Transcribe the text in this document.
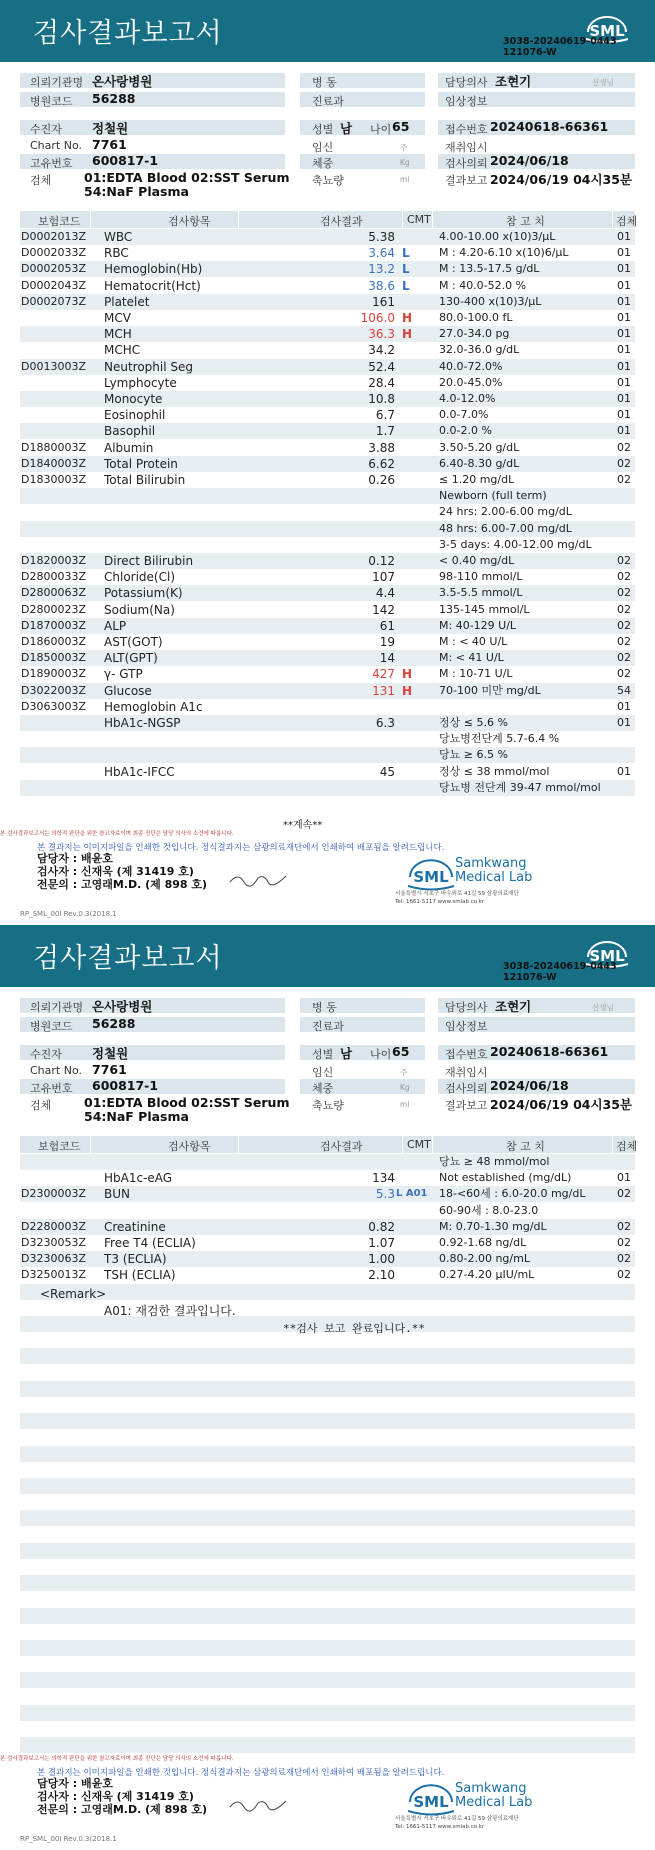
검사결과보고서	SML
3038-20240619-0443
121076-W
의뢰기관명 온사랑병원	병 동	담당의사 조현기	선생님
병원코드 56288	진료과	임상정보
수진자 정철원
Chart No. 7761
고유번호 600817-1
검체	01:EDTA Blood 02:SST Serum
54:NaF Plasma
성별 남 나이 65
임신	주
체중	Kg
축뇨량	ml
접수번호 20240618-66361
재취임시
검사의뢰 2024/06/18
결과보고 2024/06/19 04시35분
보험코드	검사항목	검사결과	CMT	참 고 치	검체
D0002013Z WBC	5.38	4.00-10.00 x(10)3/μL	01
D0002033Z RBC	3.64 L	M : 4.20-6.10 x(10)6/μL	01
D0002053Z Hemoglobin(Hb)	13.2 L	M : 13.5-17.5 g/dL	01
D0002043Z Hematocrit(Hct)	38.6 L	M : 40.0-52.0 %	01
D0002073Z Platelet	161	130-400 x(10)3/μL	01
MCV	106.0 H 80.0-100.0 fL	01
MCH	36.3 H 27.0-34.0 pg	01
MCHC	34.2	32.0-36.0 g/dL	01
D0013003Z Neutrophil Seg	52.4	40.0-72.0%	01
Lymphocyte	28.4	20.0-45.0%	01
Monocyte	10.8	4.0-12.0%	01
Eosinophil	6.7	0.0-7.0%	01
Basophil	1.7	0.0-2.0 %	01
D1880003Z Albumin	3.88	3.50-5.20 g/dL	02
D1840003Z Total Protein	6.62	6.40-8.30 g/dL	02
D1830003Z Total Bilirubin	0.26	≤ 1.20 mg/dL	02
Newborn (full term)
24 hrs: 2.00-6.00 mg/dL
48 hrs: 6.00-7.00 mg/dL
3-5 days: 4.00-12.00 mg/dL
D1820003Z Direct Bilirubin	0.12	< 0.40 mg/dL	02
D2800033Z Chloride(Cl)	107	98-110 mmol/L	02
D2800063Z Potassium(K)	4.4	3.5-5.5 mmol/L	02
D2800023Z Sodium(Na)	142	135-145 mmol/L	02
D1870003Z ALP	61	M: 40-129 U/L	02
D1860003Z AST(GOT)	19	M : < 40 U/L	02
D1850003Z ALT(GPT)	14	M: < 41 U/L	02
D1890003Z γ- GTP	427 H M : 10-71 U/L	02
D3022003Z Glucose	131 H 70-100 미만 mg/dL	54
D3063003Z Hemoglobin A1c	01
HbA1c-NGSP	6.3	정상 ≤ 5.6 %	01
당뇨병전단계 5.7-6.4 %
당뇨 ≥ 6.5 %
HbA1c-IFCC	45	정상 ≤ 38 mmol/mol	01
당뇨병 전단계 39-47 mmol/mol
**계속**
본 검사결과보고서는 의학적 판단을 위한 참고자료이며 최종 진단은 담당 의사의 소견에 따릅니다.
본 결과지는 이미지파일을 인쇄한 것입니다. 정식결과지는 삼광의료재단에서 인쇄하여 배포됨을 알려드립니다.
담당자 : 배윤호
검사자 : 신재욱 (제 31419 호)
전문의 : 고영래M.D. (제 898 호)	SML
Samkwang
Medical Lab
서울특별시 서초구 바우뫼로 41길 59 삼광의료재단
Tel: 1661-5117 www.smlab.co.kr
RP_SML_00I Rev.0.3(2018.1
검사결과보고서	SML
3038-20240619-0443
121076-W
의뢰기관명 온사랑병원	병 동	담당의사 조현기	선생님
병원코드 56288	진료과	임상정보
수진자 정철원
Chart No. 7761
고유번호 600817-1
검체	01:EDTA Blood 02:SST Serum
54:NaF Plasma
성별 남 나이 65
임신	주
체중	Kg
축뇨량	ml
접수번호 20240618-66361
재취임시
검사의뢰 2024/06/18
결과보고 2024/06/19 04시35분
보험코드	검사항목	검사결과	CMT	참 고 치	검체
당뇨 ≥ 48 mmol/mol
HbA1c-eAG	134	Not established (mg/dL)	01
D2300003Z BUN	5.3 L A01 18-<60세 : 6.0-20.0 mg/dL	02
60-90세 : 8.0-23.0
D2280003Z Creatinine	0.82	M: 0.70-1.30 mg/dL	02
D3230053Z Free T4 (ECLIA)	1.07	0.92-1.68 ng/dL	02
D3230063Z T3 (ECLIA)	1.00	0.80-2.00 ng/mL	02
D3250013Z TSH (ECLIA)	2.10	0.27-4.20 μIU/mL	02
<Remark>
A01: 재검한 결과입니다.
**검사 보고 완료입니다.**
본 검사결과보고서는 의학적 판단을 위한 참고자료이며 최종 진단은 담당 의사의 소견에 따릅니다.
본 결과지는 이미지파일을 인쇄한 것입니다. 정식결과지는 삼광의료재단에서 인쇄하여 배포됨을 알려드립니다.
담당자 : 배윤호
검사자 : 신재욱 (제 31419 호)
전문의 : 고영래M.D. (제 898 호)	SML
Samkwang
Medical Lab
서울특별시 서초구 바우뫼로 41길 59 삼광의료재단
Tel: 1661-5117 www.smlab.co.kr
RP_SML_00I Rev.0.3(2018.1
